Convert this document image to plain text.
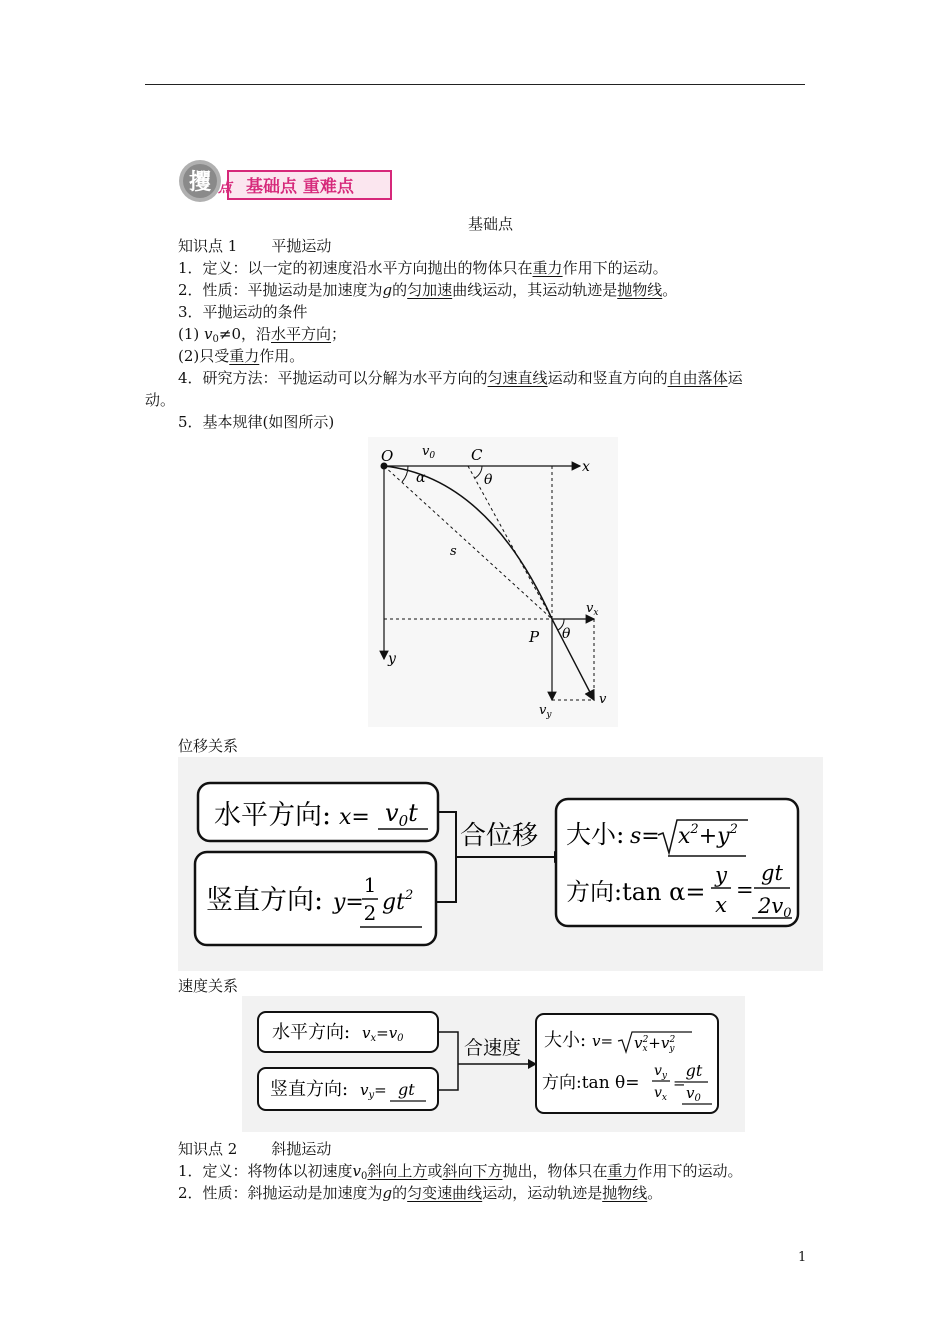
攫 点 基础点 重难点
基础点
知识点 1 平抛运动
1．定义：以一定的初速度沿水平方向抛出的物体只在重力作用下的运动。
2．性质：平抛运动是加速度为g的匀加速曲线运动，其运动轨迹是抛物线。
3．平抛运动的条件
(1) $v_0\ne 0$，沿水平方向；
(2)只受重力作用。
4．研究方法：平抛运动可以分解为水平方向的匀速直线运动和竖直方向的自由落体运
动。
5．基本规律(如图所示)
O $v_0$ C
θ
x
α
s
$v_x$
P θ
y
$v_y$
v
位移关系
水平方向: $x= v_0t$
竖直方向: y=
1
2 $gt^2$
合位移 大小: $s= x^2+y^2$
方向:tan α=
y
x
=
gt
2v0
速度关系
水平方向: $v_x=v_0$
竖直方向: $v_y=$ gt
合速度 大小: $v= v_x2+v_y2$
方向:tan θ=
$v_y$
$v_x$
=
gt
$v_0$
知识点 2 斜抛运动
1．定义：将物体以初速度$v_0$斜向上方或斜向下方抛出，物体只在重力作用下的运动。
2．性质：斜抛运动是加速度为g的匀变速曲线运动，运动轨迹是抛物线。
1
